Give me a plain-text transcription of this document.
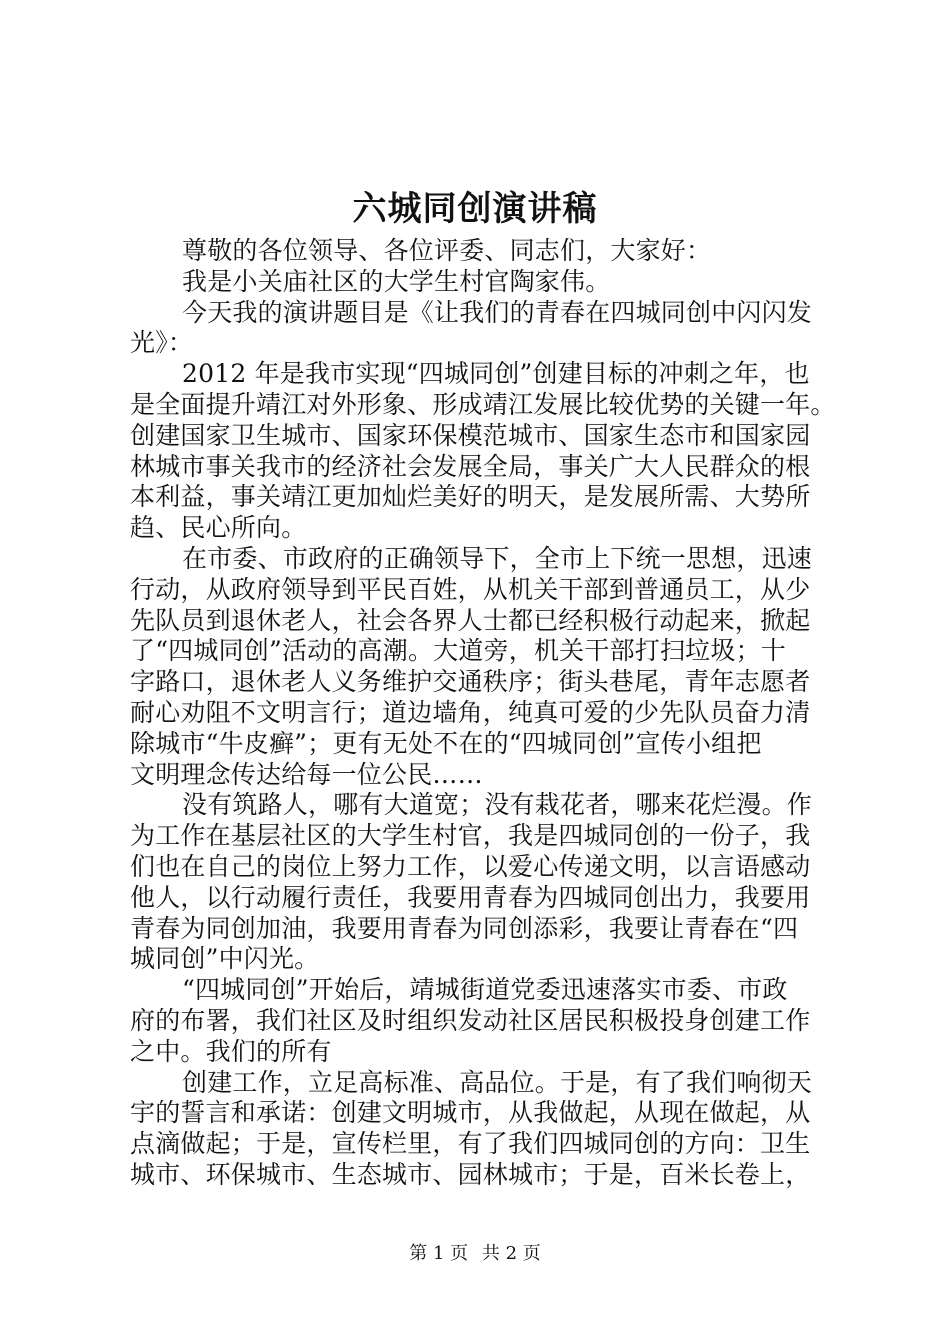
六城同创演讲稿
尊敬的各位领导、各位评委、同志们，大家好：
我是小关庙社区的大学生村官陶家伟。
今天我的演讲题目是《让我们的青春在四城同创中闪闪发
光》：
2012 年是我市实现“四城同创”创建目标的冲刺之年，也
是全面提升靖江对外形象、形成靖江发展比较优势的关键一年。
创建国家卫生城市、国家环保模范城市、国家生态市和国家园
林城市事关我市的经济社会发展全局，事关广大人民群众的根
本利益，事关靖江更加灿烂美好的明天，是发展所需、大势所
趋、民心所向。
在市委、市政府的正确领导下，全市上下统一思想，迅速
行动，从政府领导到平民百姓，从机关干部到普通员工，从少
先队员到退休老人，社会各界人士都已经积极行动起来，掀起
了“四城同创”活动的高潮。大道旁，机关干部打扫垃圾；十
字路口，退休老人义务维护交通秩序；街头巷尾，青年志愿者
耐心劝阻不文明言行；道边墙角，纯真可爱的少先队员奋力清
除城市“牛皮癣”；更有无处不在的“四城同创”宣传小组把
文明理念传达给每一位公民……
没有筑路人，哪有大道宽；没有栽花者，哪来花烂漫。作
为工作在基层社区的大学生村官，我是四城同创的一份子，我
们也在自己的岗位上努力工作，以爱心传递文明，以言语感动
他人，以行动履行责任，我要用青春为四城同创出力，我要用
青春为同创加油，我要用青春为同创添彩，我要让青春在“四
城同创”中闪光。
“四城同创”开始后，靖城街道党委迅速落实市委、市政
府的布署，我们社区及时组织发动社区居民积极投身创建工作
之中。我们的所有
创建工作，立足高标准、高品位。于是，有了我们响彻天
宇的誓言和承诺：创建文明城市，从我做起，从现在做起，从
点滴做起；于是，宣传栏里，有了我们四城同创的方向：卫生
城市、环保城市、生态城市、园林城市；于是，百米长卷上，
第 1 页 共 2 页
